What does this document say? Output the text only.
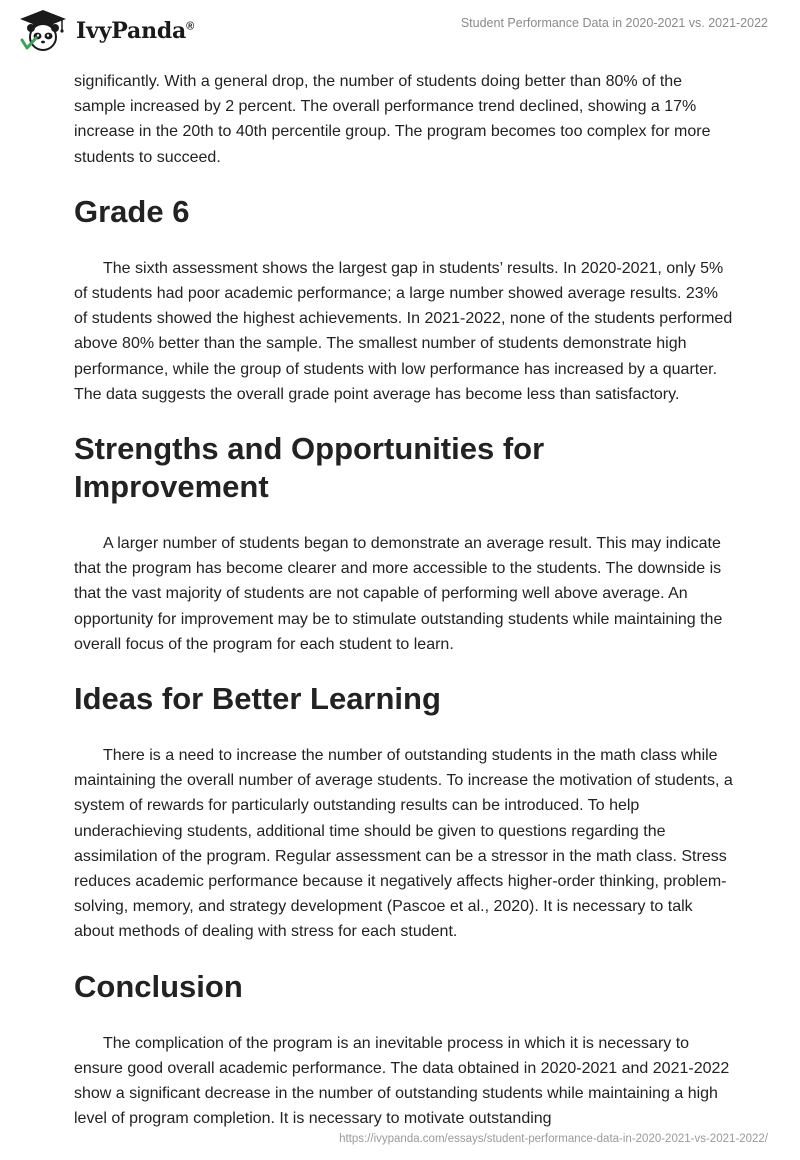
IvyPanda®	Student Performance Data in 2020-2021 vs. 2021-2022

significantly. With a general drop, the number of students doing better than 80% of the sample increased by 2 percent. The overall performance trend declined, showing a 17% increase in the 20th to 40th percentile group. The program becomes too complex for more students to succeed.

Grade 6

The sixth assessment shows the largest gap in students’ results. In 2020-2021, only 5% of students had poor academic performance; a large number showed average results. 23% of students showed the highest achievements. In 2021-2022, none of the students performed above 80% better than the sample. The smallest number of students demonstrate high performance, while the group of students with low performance has increased by a quarter. The data suggests the overall grade point average has become less than satisfactory.

Strengths and Opportunities for Improvement

A larger number of students began to demonstrate an average result. This may indicate that the program has become clearer and more accessible to the students. The downside is that the vast majority of students are not capable of performing well above average. An opportunity for improvement may be to stimulate outstanding students while maintaining the overall focus of the program for each student to learn.

Ideas for Better Learning

There is a need to increase the number of outstanding students in the math class while maintaining the overall number of average students. To increase the motivation of students, a system of rewards for particularly outstanding results can be introduced. To help underachieving students, additional time should be given to questions regarding the assimilation of the program. Regular assessment can be a stressor in the math class. Stress reduces academic performance because it negatively affects higher-order thinking, problem-solving, memory, and strategy development (Pascoe et al., 2020). It is necessary to talk about methods of dealing with stress for each student.

Conclusion

The complication of the program is an inevitable process in which it is necessary to ensure good overall academic performance. The data obtained in 2020-2021 and 2021-2022 show a significant decrease in the number of outstanding students while maintaining a high level of program completion. It is necessary to motivate outstanding

https://ivypanda.com/essays/student-performance-data-in-2020-2021-vs-2021-2022/
